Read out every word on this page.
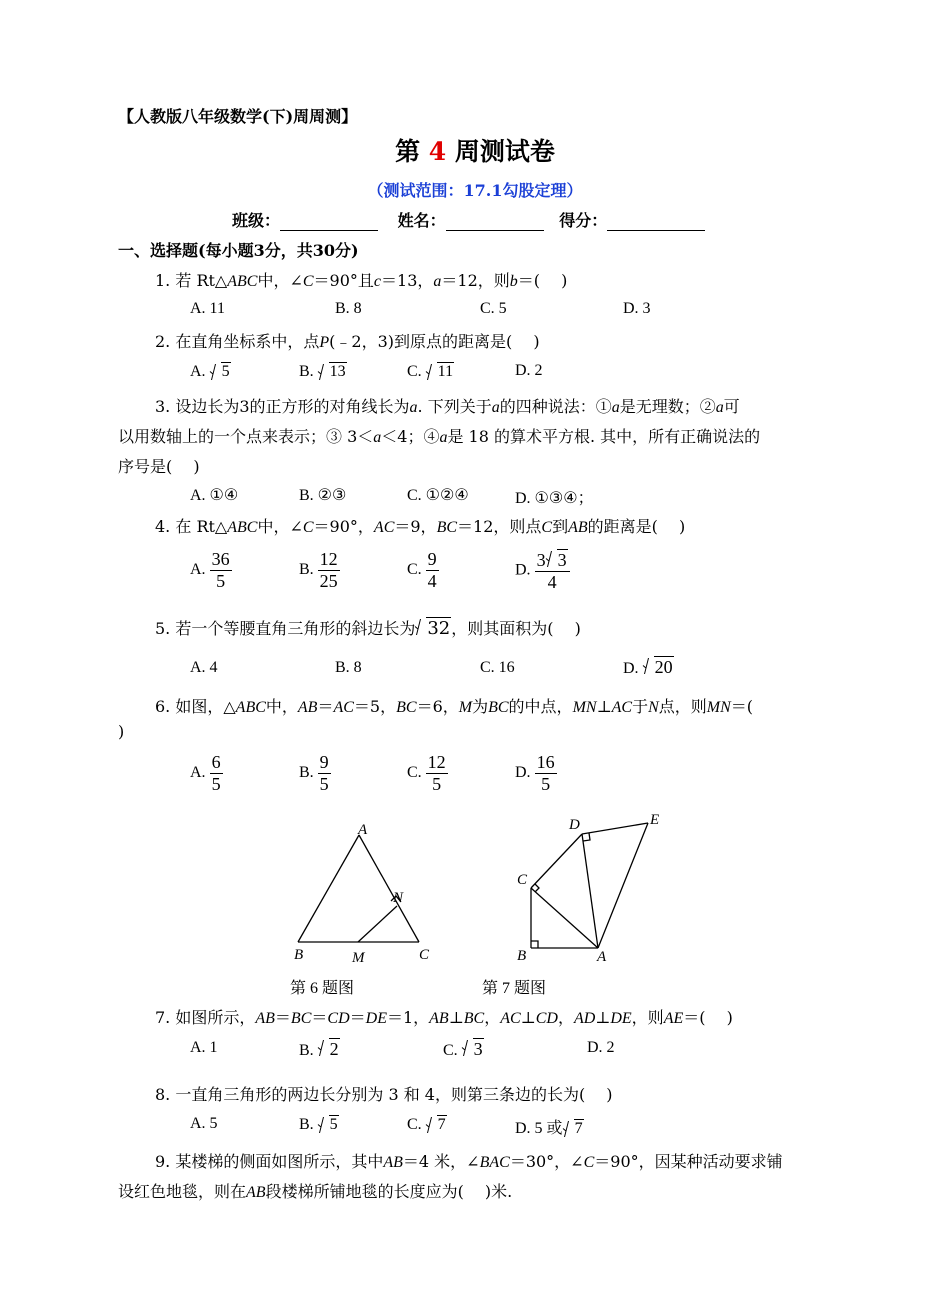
【人教版八年级数学(下)周周测】
第 4 周测试卷
（测试范围：17.1勾股定理）
班级：	姓名：	得分：
一、选择题(每小题3分，共30分)
1. 若 Rt△ABC中，∠C＝90°且c＝13，a＝12，则b＝(　 )
A. 11	B. 8	C. 5	D. 3
2. 在直角坐标系中，点P(﹣2，3)到原点的距离是(　 )
A. 5	B. 13	C. 11	D. 2
3. 设边长为3的正方形的对角线长为a. 下列关于a的四种说法：①a是无理数；②a可
以用数轴上的一个点来表示；③ 3＜a＜4；④a是 18 的算术平方根. 其中，所有正确说法的
序号是(　 )
A. ①④	B. ②③	C. ①②④	D. ①③④；
4. 在 Rt△ABC中，∠C＝90°，AC＝9，BC＝12，则点C到AB的距离是(　 )
A. $\frac{36}{5}$	B. $\frac{12}{25}$	C. $\frac{9}{4}$	D. $\frac{3 3}{4}$
5. 若一个等腰直角三角形的斜边长为 32，则其面积为(　 )
A. 4	B. 8	C. 16	D. 20
6. 如图，△ABC中，AB＝AC＝5，BC＝6，M为BC的中点，MN⊥AC于N点，则MN＝(
)
A. $\frac{6}{5}$	B. $\frac{9}{5}$	C. $\frac{12}{5}$	D. $\frac{16}{5}$
A
B	C
M
N
A
B
C
D	E
第 6 题图	第 7 题图
7. 如图所示，AB＝BC＝CD＝DE＝1，AB⊥BC，AC⊥CD，AD⊥DE，则AE＝(　 )
A. 1	B. 2	C. 3	D. 2
8. 一直角三角形的两边长分别为 3 和 4，则第三条边的长为(　 )
A. 5	B. 5	C. 7	D. 5 或 7
9. 某楼梯的侧面如图所示，其中AB＝4 米，∠BAC＝30°，∠C＝90°，因某种活动要求铺
设红色地毯，则在AB段楼梯所铺地毯的长度应为(　 )米.
